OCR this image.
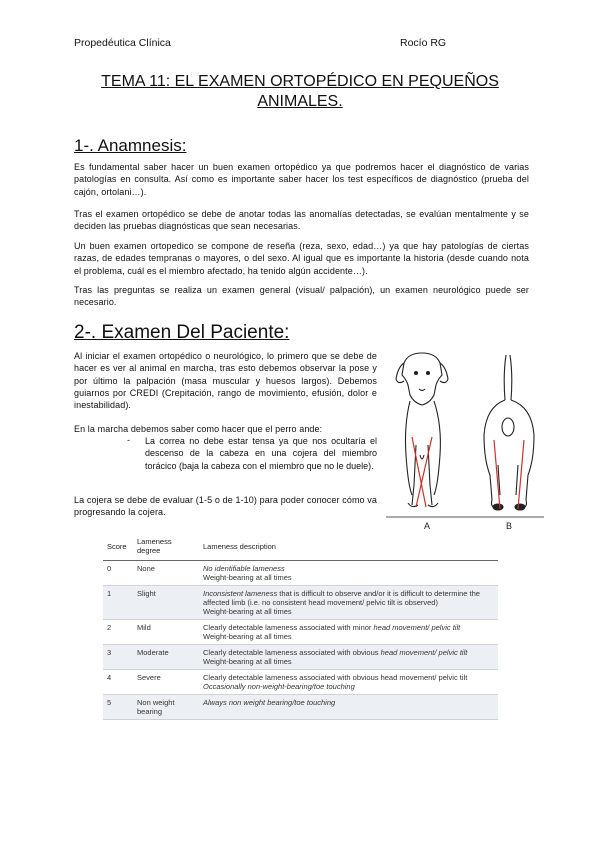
Propedéutica Clínica	Rocío RG
TEMA 11: EL EXAMEN ORTOPÉDICO EN PEQUEÑOS ANIMALES.
1-. Anamnesis:
Es fundamental saber hacer un buen examen ortopédico ya que podremos hacer el diagnóstico de varias patologías en consulta. Así como es importante saber hacer los test específicos de diagnóstico (prueba del cajón, ortolani…).
Tras el examen ortopédico se debe de anotar todas las anomalías detectadas, se evalúan mentalmente y se deciden las pruebas diagnósticas que sean necesarias.
Un buen examen ortopedico se compone de reseña (reza, sexo, edad…) ya que hay patologías de ciertas razas, de edades tempranas o mayores, o del sexo. Al igual que es importante la historia (desde cuando nota el problema, cuál es el miembro afectado, ha tenido algún accidente…).
Tras las preguntas se realiza un examen general (visual/ palpación), un examen neurológico puede ser necesario.
2-. Examen Del Paciente:
Al iniciar el examen ortopédico o neurológico, lo primero que se debe de hacer es ver al animal en marcha, tras esto debemos observar la pose y por último la palpación (masa muscular y huesos largos). Debemos guiarnos por CREDI (Crepitación, rango de movimiento, efusión, dolor e inestabilidad).
En la marcha debemos saber como hacer que el perro ande:
- La correa no debe estar tensa ya que nos ocultaría el descenso de la cabeza en una cojera del miembro torácico (baja la cabeza con el miembro que no le duele).
La cojera se debe de evaluar (1-5 o de 1-10) para poder conocer cómo va progresando la cojera.
A	B
Score	Lameness degree	Lameness description
0	None	No identifiable lameness
Weight-bearing at all times

1	Slight	Inconsistent lameness that is difficult to observe and/or it is difficult to determine the affected limb (i.e. no consistent head movement/ pelvic tilt is observed)
Weight-bearing at all times

2	Mild	Clearly detectable lameness associated with minor head movement/ pelvic tilt
Weight-bearing at all times

3	Moderate	Clearly detectable lameness associated with obvious head movement/ pelvic tilt
Weight-bearing at all times

4	Severe	Clearly detectable lameness associated with obvious head movement/ pelvic tilt
Occasionally non-weight-bearing/toe touching

5	Non weight bearing	Always non weight bearing/toe touching
